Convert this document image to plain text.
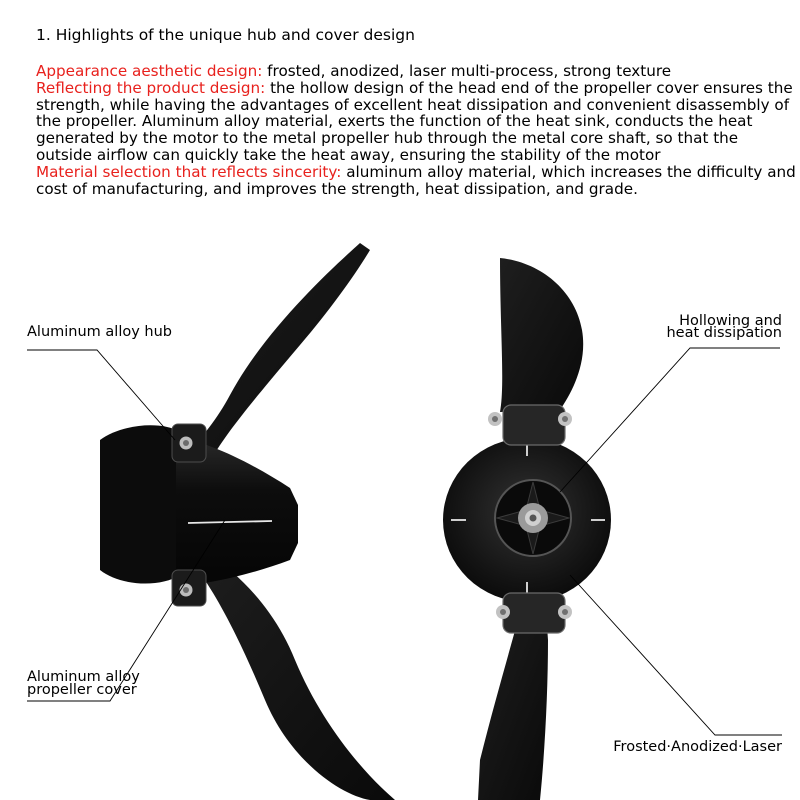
1. Highlights of the unique hub and cover design

Appearance aesthetic design: frosted, anodized, laser multi-process, strong texture

Reflecting the product design: the hollow design of the head end of the propeller cover ensures the strength, while having the advantages of excellent heat dissipation and convenient disassembly of the propeller. Aluminum alloy material, exerts the function of the heat sink, conducts the heat generated by the motor to the metal propeller hub through the metal core shaft, so that the outside airflow can quickly take the heat away, ensuring the stability of the motor

Material selection that reflects sincerity: aluminum alloy material, which increases the difficulty and cost of manufacturing, and improves the strength, heat dissipation, and grade.

Aluminum alloy hub
Aluminum alloy
propeller cover
Hollowing and
heat dissipation
Frosted·Anodized·Laser
